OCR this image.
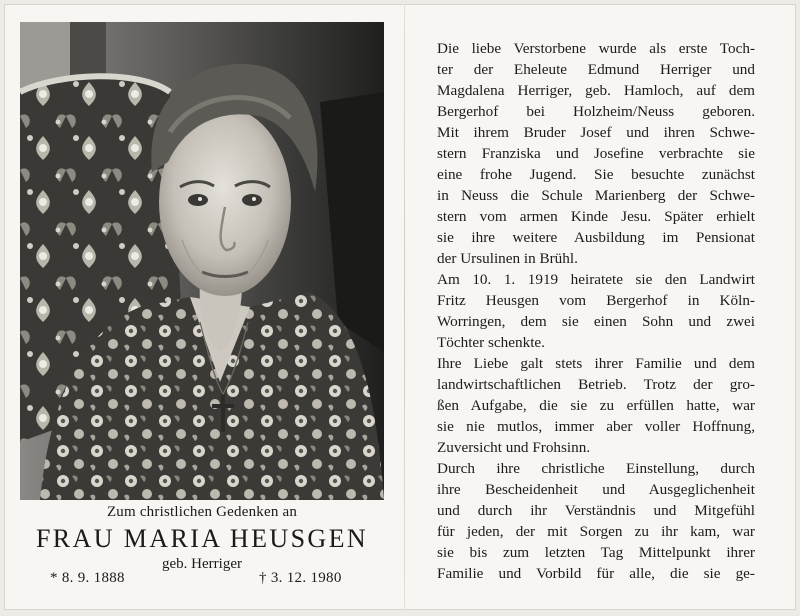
Zum christlichen Gedenken an
FRAU MARIA HEUSGEN
geb. Herriger
* 8. 9. 1888	† 3. 12. 1980
Die liebe Verstorbene wurde als erste Toch-
ter der Eheleute Edmund Herriger und
Magdalena Herriger, geb. Hamloch, auf dem
Bergerhof bei Holzheim/Neuss geboren.
Mit ihrem Bruder Josef und ihren Schwe-
stern Franziska und Josefine verbrachte sie
eine frohe Jugend. Sie besuchte zunächst
in Neuss die Schule Marienberg der Schwe-
stern vom armen Kinde Jesu. Später erhielt
sie ihre weitere Ausbildung im Pensionat
der Ursulinen in Brühl.
Am 10. 1. 1919 heiratete sie den Landwirt
Fritz Heusgen vom Bergerhof in Köln-
Worringen, dem sie einen Sohn und zwei
Töchter schenkte.
Ihre Liebe galt stets ihrer Familie und dem
landwirtschaftlichen Betrieb. Trotz der gro-
ßen Aufgabe, die sie zu erfüllen hatte, war
sie nie mutlos, immer aber voller Hoffnung,
Zuversicht und Frohsinn.
Durch ihre christliche Einstellung, durch
ihre Bescheidenheit und Ausgeglichenheit
und durch ihr Verständnis und Mitgefühl
für jeden, der mit Sorgen zu ihr kam, war
sie bis zum letzten Tag Mittelpunkt ihrer
Familie und Vorbild für alle, die sie ge-
